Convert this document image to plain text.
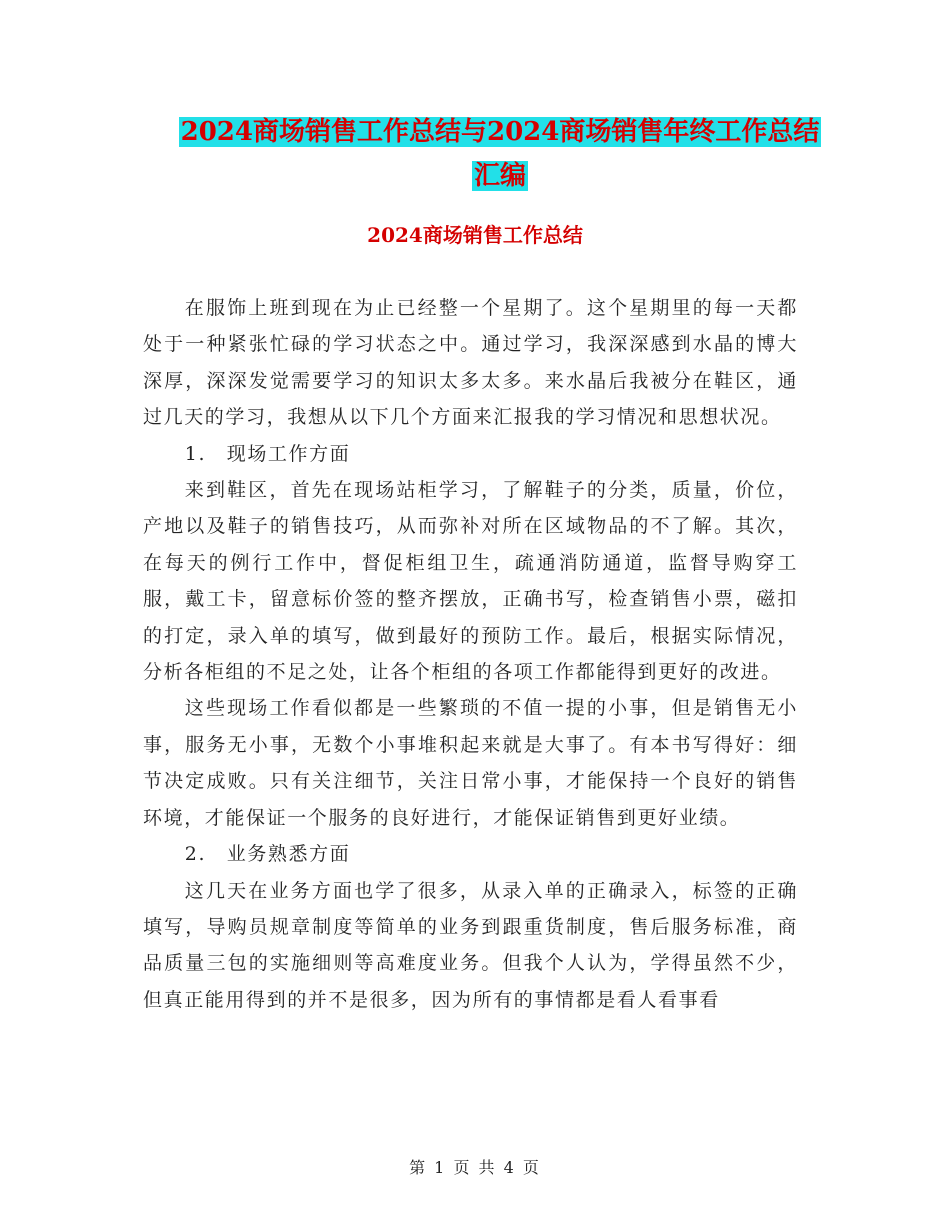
2024商场销售工作总结与2024商场销售年终工作总结
汇编
2024商场销售工作总结

在服饰上班到现在为止已经整一个星期了。这个星期里的每一天都处于一种紧张忙碌的学习状态之中。通过学习，我深深感到水晶的博大深厚，深深发觉需要学习的知识太多太多。来水晶后我被分在鞋区，通过几天的学习，我想从以下几个方面来汇报我的学习情况和思想状况。

1.　现场工作方面

来到鞋区，首先在现场站柜学习，了解鞋子的分类，质量，价位，产地以及鞋子的销售技巧，从而弥补对所在区域物品的不了解。其次，在每天的例行工作中，督促柜组卫生，疏通消防通道，监督导购穿工服，戴工卡，留意标价签的整齐摆放，正确书写，检查销售小票，磁扣的打定，录入单的填写，做到最好的预防工作。最后，根据实际情况，分析各柜组的不足之处，让各个柜组的各项工作都能得到更好的改进。

这些现场工作看似都是一些繁琐的不值一提的小事，但是销售无小事，服务无小事，无数个小事堆积起来就是大事了。有本书写得好：细节决定成败。只有关注细节，关注日常小事，才能保持一个良好的销售环境，才能保证一个服务的良好进行，才能保证销售到更好业绩。

2.　业务熟悉方面

这几天在业务方面也学了很多，从录入单的正确录入，标签的正确填写，导购员规章制度等简单的业务到跟重货制度，售后服务标准，商品质量三包的实施细则等高难度业务。但我个人认为，学得虽然不少，但真正能用得到的并不是很多，因为所有的事情都是看人看事看

第 1 页 共 4 页
